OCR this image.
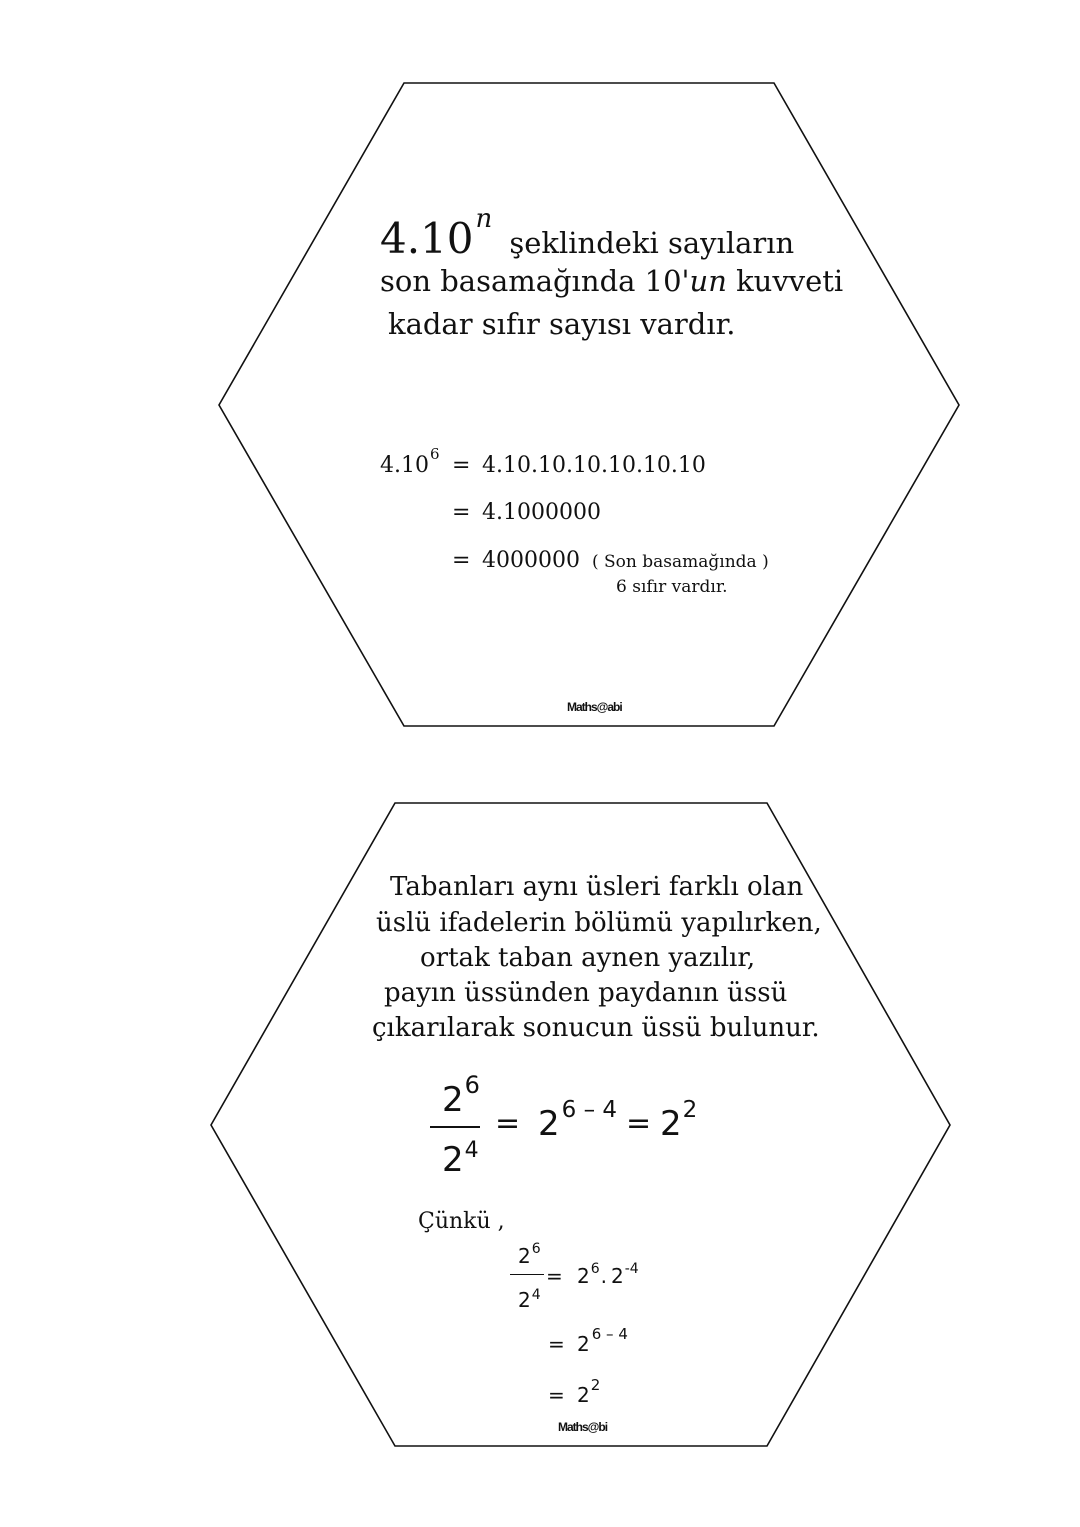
4.10n şeklindeki sayıların
son basamağında 10'un kuvveti
kadar sıfır sayısı vardır.
$4.10^6 = 4.10.10.10.10.10.10$
= 4.1000000
= 4000000 ( Son basamağında )
6 sıfır vardır.
Maths@abi
Tabanları aynı üsleri farklı olan
üslü ifadelerin bölümü yapılırken,
ortak taban aynen yazılır,
payın üssünden paydanın üssü
çıkarılarak sonucun üssü bulunur.
$2^6$
$2^4$
= $2^{6 - 4} = 2^2$
Çünkü ,
$2^6$
$2^4$
= $2^6$. $2^{-4}$
= 2 $^{6 - 4}$
= $2^2$
Maths@bi
